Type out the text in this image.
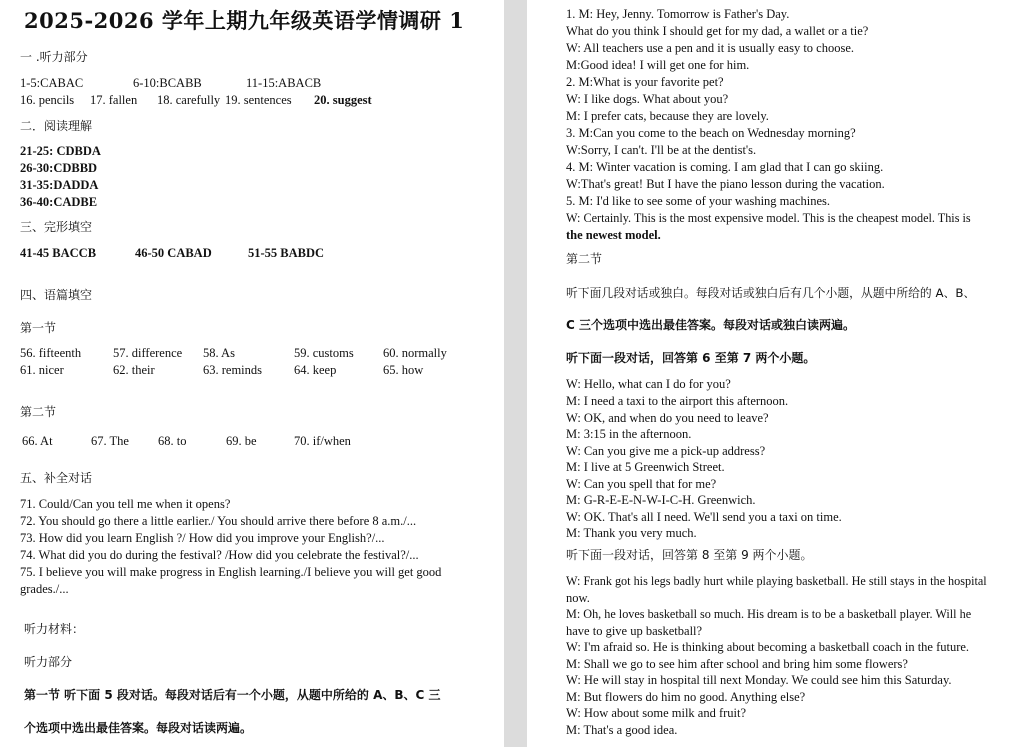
2025-2026 学年上期九年级英语学情调研 1
一 .听力部分
1-5:CABAC	6-10:BCABB	11-15:ABACB
16. pencils 17. fallen 18. carefully 19. sentences 20. suggest
二．阅读理解
21-25: CDBDA
26-30:CDBBD
31-35:DADDA
36-40:CADBE
三、完形填空
41-45 BACCB	46-50 CABAD	51-55 BABDC
四、语篇填空
第一节
56. fifteenth	57. difference 58. As	59. customs 60. normally
61. nicer	62. their	63. reminds	64. keep	65. how
第二节
66. At	67. The 68. to	69. be	70. if/when
五、补全对话
71. Could/Can you tell me when it opens?
72. You should go there a little earlier./ You should arrive there before 8 a.m./...
73. How did you learn English ?/ How did you improve your English?/...
74. What did you do during the festival? /How did you celebrate the festival?/...
75. I believe you will make progress in English learning./I believe you will get good
grades./...
听力材料：
听力部分
第一节 听下面 5 段对话。每段对话后有一个小题，从题中所给的 A、B、C 三
个选项中选出最佳答案。每段对话读两遍。
1. M: Hey, Jenny. Tomorrow is Father's Day.
What do you think I should get for my dad, a wallet or a tie?
W: All teachers use a pen and it is usually easy to choose.
M:Good idea! I will get one for him.
2. M:What is your favorite pet?
W: I like dogs. What about you?
M: I prefer cats, because they are lovely.
3. M:Can you come to the beach on Wednesday morning?
W:Sorry, I can't. I'll be at the dentist's.
4. M: Winter vacation is coming. I am glad that I can go skiing.
W:That's great! But I have the piano lesson during the vacation.
5. M: I'd like to see some of your washing machines.
W: Certainly. This is the most expensive model. This is the cheapest model. This is
the newest model.
第二节
听下面几段对话或独白。每段对话或独白后有几个小题，从题中所给的 A、B、
C 三个选项中选出最佳答案。每段对话或独白读两遍。
听下面一段对话，回答第 6 至第 7 两个小题。
W: Hello, what can I do for you?
M: I need a taxi to the airport this afternoon.
W: OK, and when do you need to leave?
M: 3:15 in the afternoon.
W: Can you give me a pick-up address?
M: I live at 5 Greenwich Street.
W: Can you spell that for me?
M: G-R-E-E-N-W-I-C-H. Greenwich.
W: OK. That's all I need. We'll send you a taxi on time.
M: Thank you very much.
听下面一段对话，回答第 8 至第 9 两个小题。
W: Frank got his legs badly hurt while playing basketball. He still stays in the hospital
now.
M: Oh, he loves basketball so much. His dream is to be a basketball player. Will he
have to give up basketball?
W: I'm afraid so. He is thinking about becoming a basketball coach in the future.
M: Shall we go to see him after school and bring him some flowers?
W: He will stay in hospital till next Monday. We could see him this Saturday.
M: But flowers do him no good. Anything else?
W: How about some milk and fruit?
M: That's a good idea.
